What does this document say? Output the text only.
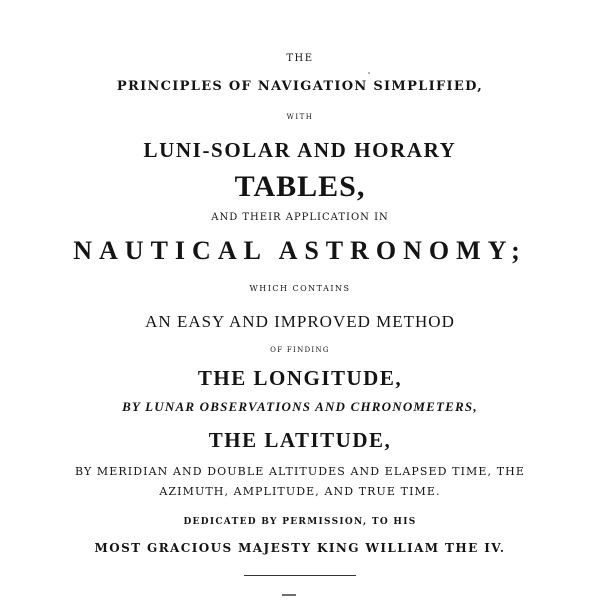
THE
PRINCIPLES OF NAVIGATION SIMPLIFIED,
WITH
LUNI-SOLAR AND HORARY
TABLES,
AND THEIR APPLICATION IN
NAUTICAL ASTRONOMY;
WHICH CONTAINS
AN EASY AND IMPROVED METHOD
OF FINDING
THE LONGITUDE,
BY LUNAR OBSERVATIONS AND CHRONOMETERS,
THE LATITUDE,
BY MERIDIAN AND DOUBLE ALTITUDES AND ELAPSED TIME, THE
AZIMUTH, AMPLITUDE, AND TRUE TIME.
DEDICATED BY PERMISSION, TO HIS
MOST GRACIOUS MAJESTY KING WILLIAM THE IV.
